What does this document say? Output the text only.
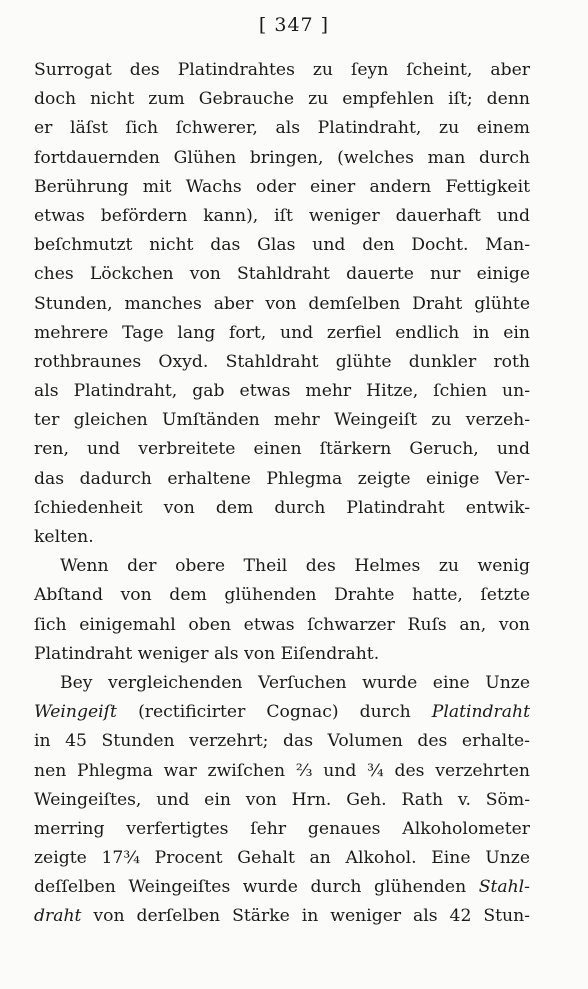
[ 347 ]
Surrogat des Platindrahtes zu ſeyn ſcheint, aber
doch nicht zum Gebrauche zu empfehlen iſt; denn
er läſst ſich ſchwerer, als Platindraht, zu einem
fortdauernden Glühen bringen, (welches man durch
Berührung mit Wachs oder einer andern Fettigkeit
etwas befördern kann), iſt weniger dauerhaft und
beſchmutzt nicht das Glas und den Docht. Man-
ches Löckchen von Stahldraht dauerte nur einige
Stunden, manches aber von demſelben Draht glühte
mehrere Tage lang fort, und zerfiel endlich in ein
rothbraunes Oxyd. Stahldraht glühte dunkler roth
als Platindraht, gab etwas mehr Hitze, ſchien un-
ter gleichen Umſtänden mehr Weingeiſt zu verzeh-
ren, und verbreitete einen ſtärkern Geruch, und
das dadurch erhaltene Phlegma zeigte einige Ver-
ſchiedenheit von dem durch Platindraht entwik-
kelten.
Wenn der obere Theil des Helmes zu wenig
Abſtand von dem glühenden Drahte hatte, ſetzte
ſich einigemahl oben etwas ſchwarzer Ruſs an, von
Platindraht weniger als von Eiſendraht.
Bey vergleichenden Verſuchen wurde eine Unze
Weingeiſt (rectificirter Cognac) durch Platindraht
in 45 Stunden verzehrt; das Volumen des erhalte-
nen Phlegma war zwiſchen ⅔ und ¾ des verzehrten
Weingeiſtes, und ein von Hrn. Geh. Rath v. Söm-
merring verfertigtes ſehr genaues Alkoholometer
zeigte 17¾ Procent Gehalt an Alkohol. Eine Unze
deſſelben Weingeiſtes wurde durch glühenden Stahl-
draht von derſelben Stärke in weniger als 42 Stun-
